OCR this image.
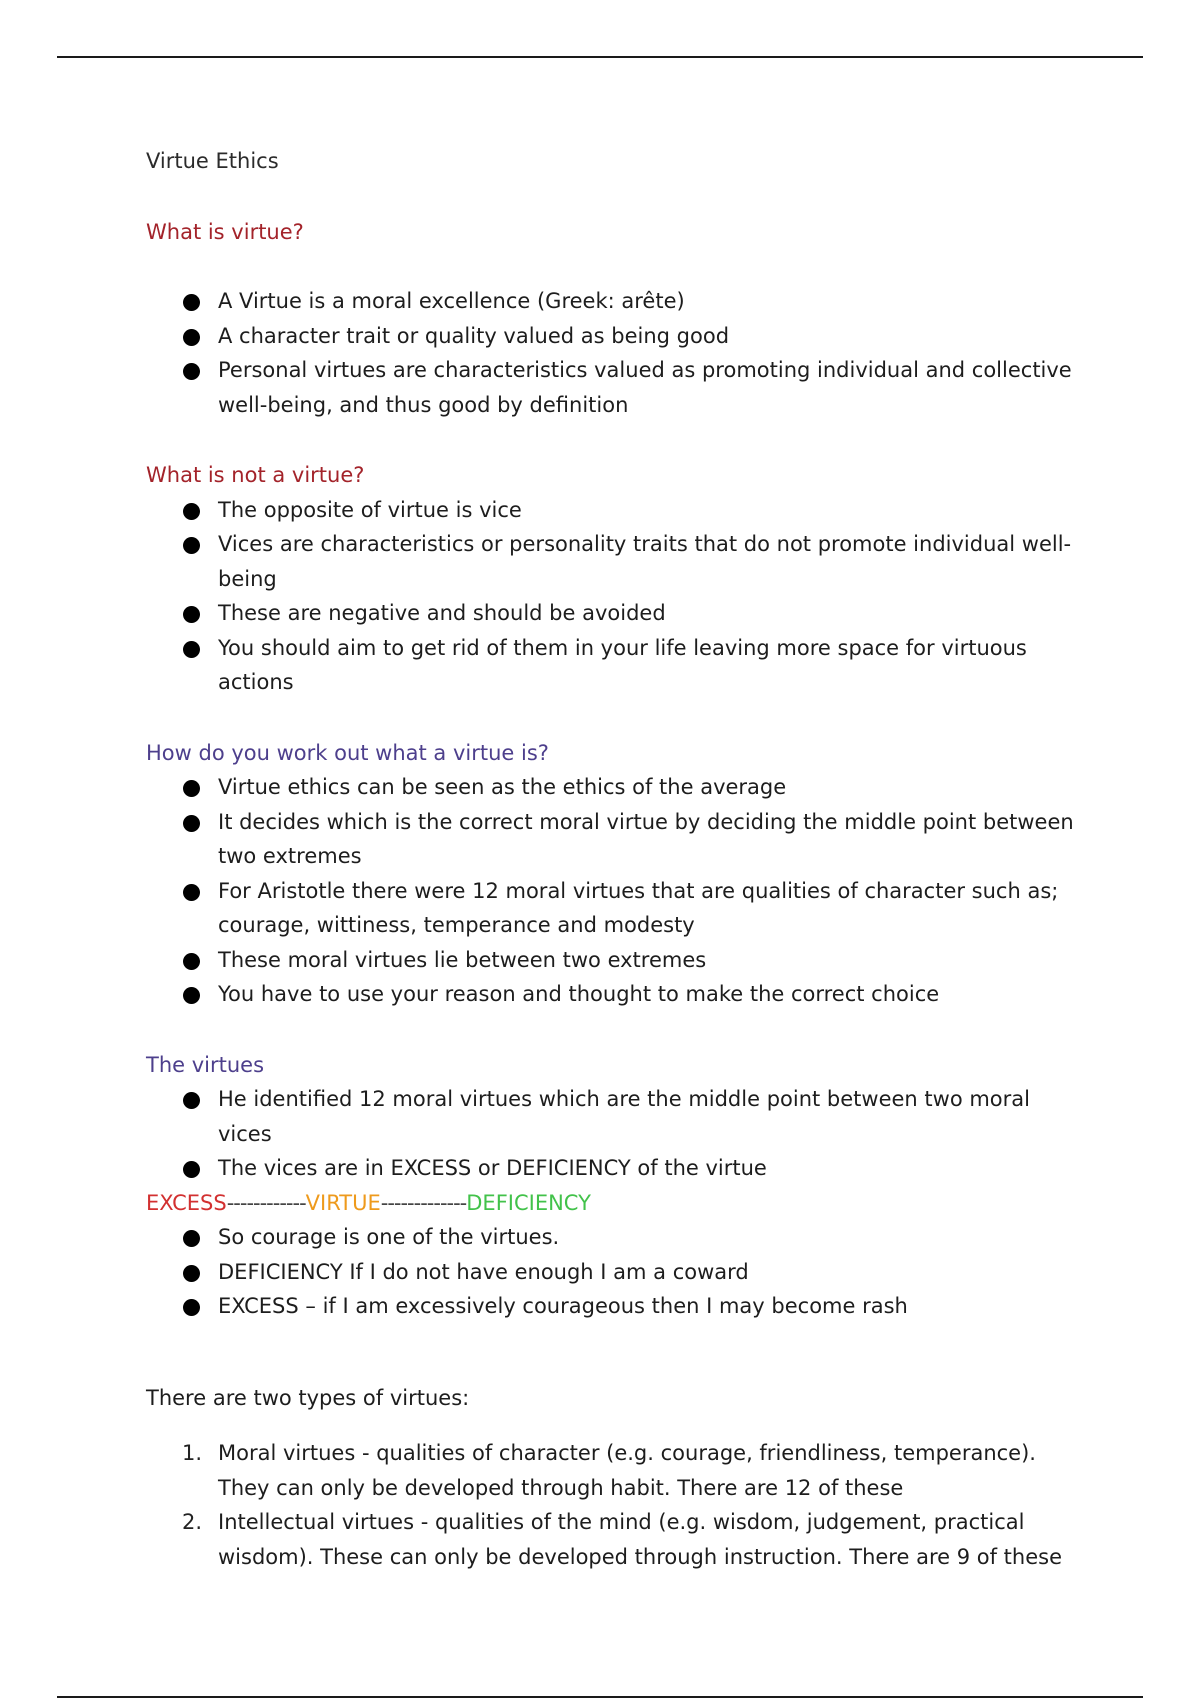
Virtue Ethics

What is virtue?

A Virtue is a moral excellence (Greek: arête)
A character trait or quality valued as being good
Personal virtues are characteristics valued as promoting individual and collective well-being, and thus good by definition

What is not a virtue?

The opposite of virtue is vice
Vices are characteristics or personality traits that do not promote individual well-being
These are negative and should be avoided
You should aim to get rid of them in your life leaving more space for virtuous actions

How do you work out what a virtue is?

Virtue ethics can be seen as the ethics of the average
It decides which is the correct moral virtue by deciding the middle point between two extremes
For Aristotle there were 12 moral virtues that are qualities of character such as; courage, wittiness, temperance and modesty
These moral virtues lie between two extremes
You have to use your reason and thought to make the correct choice

The virtues

He identified 12 moral virtues which are the middle point between two moral vices
The vices are in EXCESS or DEFICIENCY of the virtue
EXCESS------------VIRTUE-------------DEFICIENCY
So courage is one of the virtues.
DEFICIENCY If I do not have enough I am a coward
EXCESS – if I am excessively courageous then I may become rash

There are two types of virtues:

1. Moral virtues - qualities of character (e.g. courage, friendliness, temperance). They can only be developed through habit. There are 12 of these
2. Intellectual virtues - qualities of the mind (e.g. wisdom, judgement, practical wisdom). These can only be developed through instruction. There are 9 of these
